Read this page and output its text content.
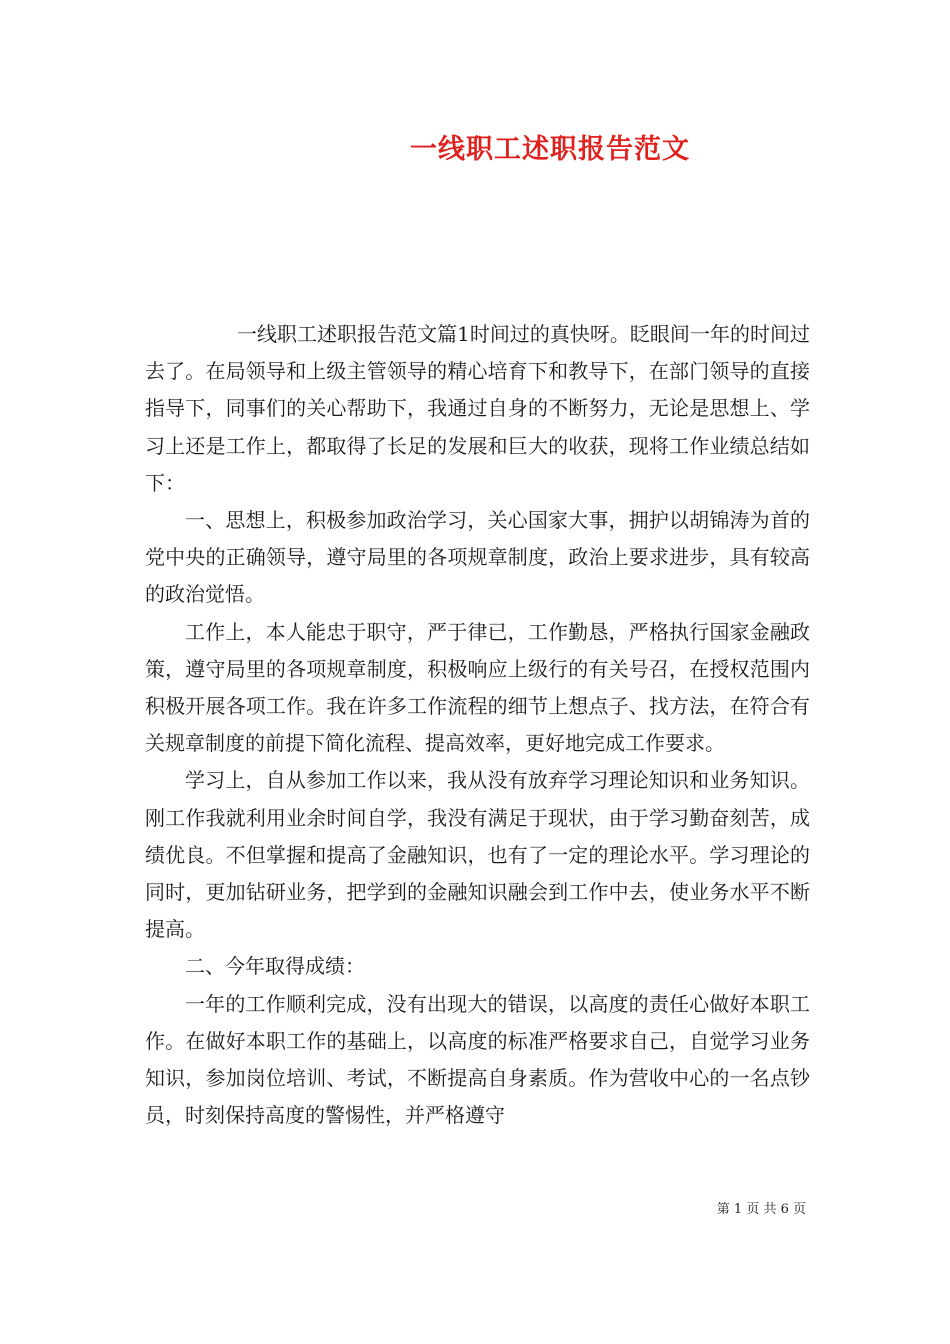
一线职工述职报告范文

一线职工述职报告范文篇1时间过的真快呀。眨眼间一年的时间过去了。在局领导和上级主管领导的精心培育下和教导下，在部门领导的直接指导下，同事们的关心帮助下，我通过自身的不断努力，无论是思想上、学习上还是工作上，都取得了长足的发展和巨大的收获，现将工作业绩总结如下：

一、思想上，积极参加政治学习，关心国家大事，拥护以胡锦涛为首的党中央的正确领导，遵守局里的各项规章制度，政治上要求进步，具有较高的政治觉悟。

工作上，本人能忠于职守，严于律已，工作勤恳，严格执行国家金融政策，遵守局里的各项规章制度，积极响应上级行的有关号召，在授权范围内积极开展各项工作。我在许多工作流程的细节上想点子、找方法，在符合有关规章制度的前提下简化流程、提高效率，更好地完成工作要求。

学习上，自从参加工作以来，我从没有放弃学习理论知识和业务知识。刚工作我就利用业余时间自学，我没有满足于现状，由于学习勤奋刻苦，成绩优良。不但掌握和提高了金融知识，也有了一定的理论水平。学习理论的同时，更加钻研业务，把学到的金融知识融会到工作中去，使业务水平不断提高。

二、今年取得成绩：

一年的工作顺利完成，没有出现大的错误，以高度的责任心做好本职工作。在做好本职工作的基础上，以高度的标准严格要求自己，自觉学习业务知识，参加岗位培训、考试，不断提高自身素质。作为营收中心的一名点钞员，时刻保持高度的警惕性，并严格遵守

第 1 页 共 6 页
